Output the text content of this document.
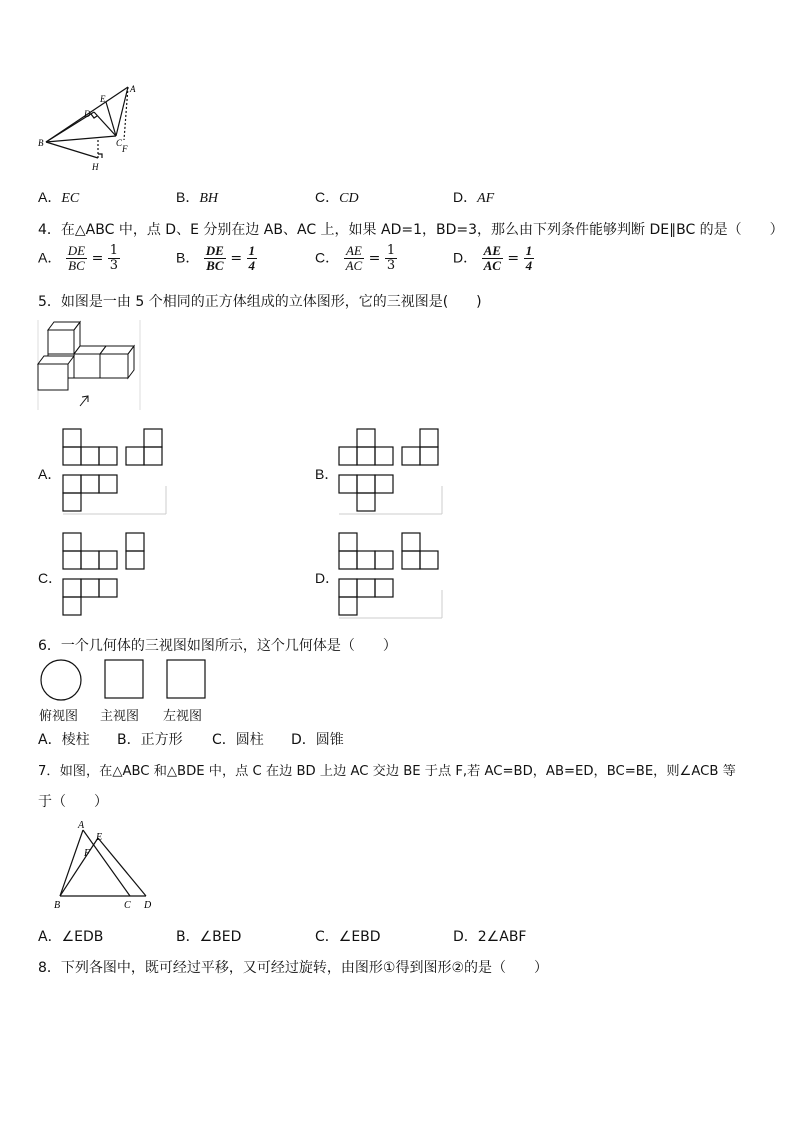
A
B	C
D
E
F
H
A．EC	B．BH	C．CD	D．AF
4．在△ABC 中，点 D、E 分别在边 AB、AC 上，如果 AD=1，BD=3，那么由下列条件能够判断 DE∥BC 的是（　　）
A． $\frac{DE}{BC} = \frac{1}{3}$	B． $\frac{DE}{BC} = \frac{1}{4}$	C． $\frac{AE}{AC} = \frac{1}{3}$	D． $\frac{AE}{AC} = \frac{1}{4}$
5．如图是一由 5 个相同的正方体组成的立体图形，它的三视图是(　　)
A．	B．
C．	D．
6．一个几何体的三视图如图所示，这个几何体是（　　）
俯视图 主视图 左视图
A．棱柱 B．正方形 C．圆柱 D．圆锥
7．如图，在△ABC 和△BDE 中，点 C 在边 BD 上边 AC 交边 BE 于点 F,若 AC=BD，AB=ED，BC=BE，则∠ACB 等
于（　　）
A
E
F
B	C D
A．∠EDB	B．∠BED	C．∠EBD	D．2∠ABF
8．下列各图中，既可经过平移，又可经过旋转，由图形①得到图形②的是（　　）
